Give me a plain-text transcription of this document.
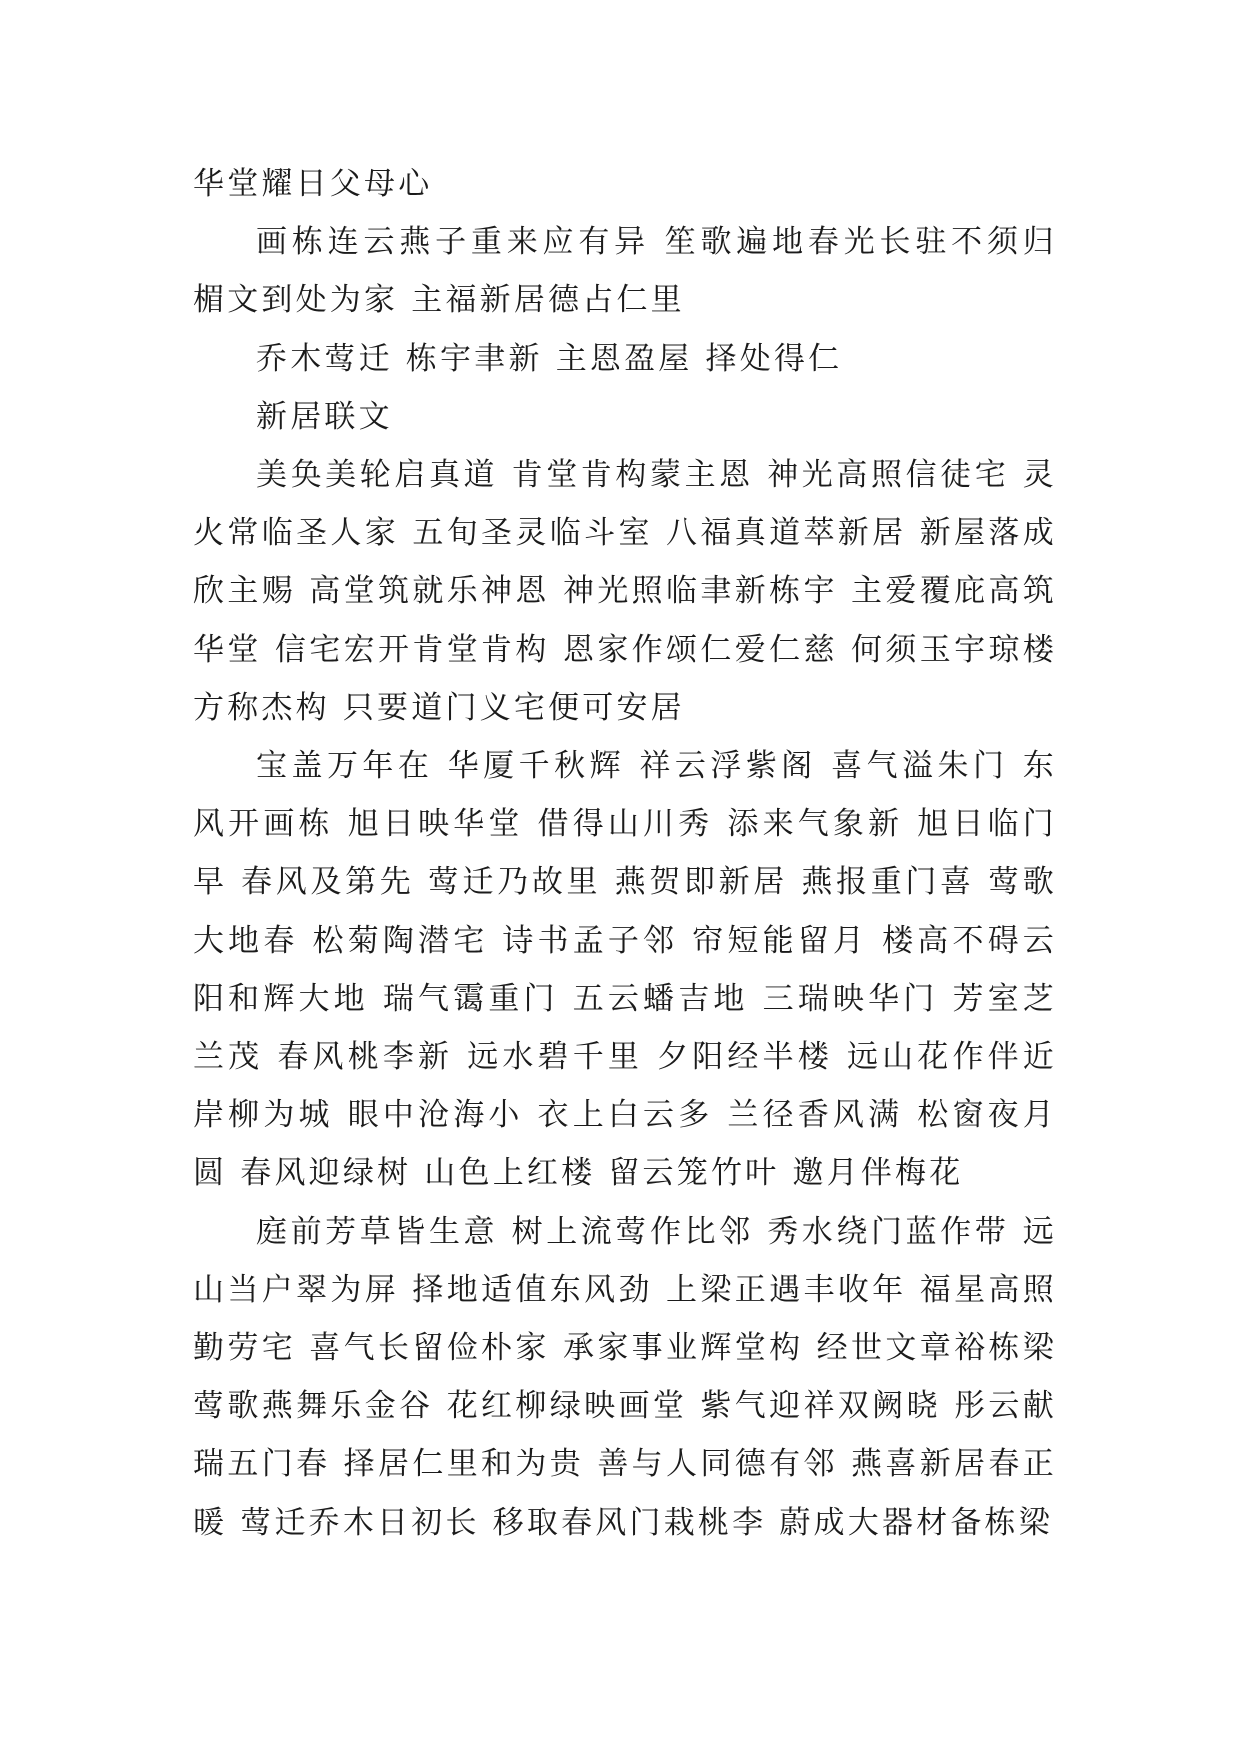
华堂耀日父母心

画栋连云燕子重来应有异 笙歌遍地春光长驻不须归 楣文到处为家 主福新居德占仁里

乔木莺迁 栋宇聿新 主恩盈屋 择处得仁

新居联文

美奂美轮启真道 肯堂肯构蒙主恩 神光高照信徒宅 灵火常临圣人家 五旬圣灵临斗室 八福真道萃新居 新屋落成欣主赐 高堂筑就乐神恩 神光照临聿新栋宇 主爱覆庇高筑华堂 信宅宏开肯堂肯构 恩家作颂仁爱仁慈 何须玉宇琼楼方称杰构 只要道门义宅便可安居

宝盖万年在 华厦千秋辉 祥云浮紫阁 喜气溢朱门 东风开画栋 旭日映华堂 借得山川秀 添来气象新 旭日临门早 春风及第先 莺迁乃故里 燕贺即新居 燕报重门喜 莺歌大地春 松菊陶潜宅 诗书孟子邻 帘短能留月 楼高不碍云 阳和辉大地 瑞气霭重门 五云蟠吉地 三瑞映华门 芳室芝兰茂 春风桃李新 远水碧千里 夕阳经半楼 远山花作伴近岸柳为城 眼中沧海小 衣上白云多 兰径香风满 松窗夜月圆 春风迎绿树 山色上红楼 留云笼竹叶 邀月伴梅花

庭前芳草皆生意 树上流莺作比邻 秀水绕门蓝作带 远山当户翠为屏 择地适值东风劲 上梁正遇丰收年 福星高照勤劳宅 喜气长留俭朴家 承家事业辉堂构 经世文章裕栋梁 莺歌燕舞乐金谷 花红柳绿映画堂 紫气迎祥双阙晓 彤云献瑞五门春 择居仁里和为贵 善与人同德有邻 燕喜新居春正暖 莺迁乔木日初长 移取春风门栽桃李 蔚成大器材备栋梁
